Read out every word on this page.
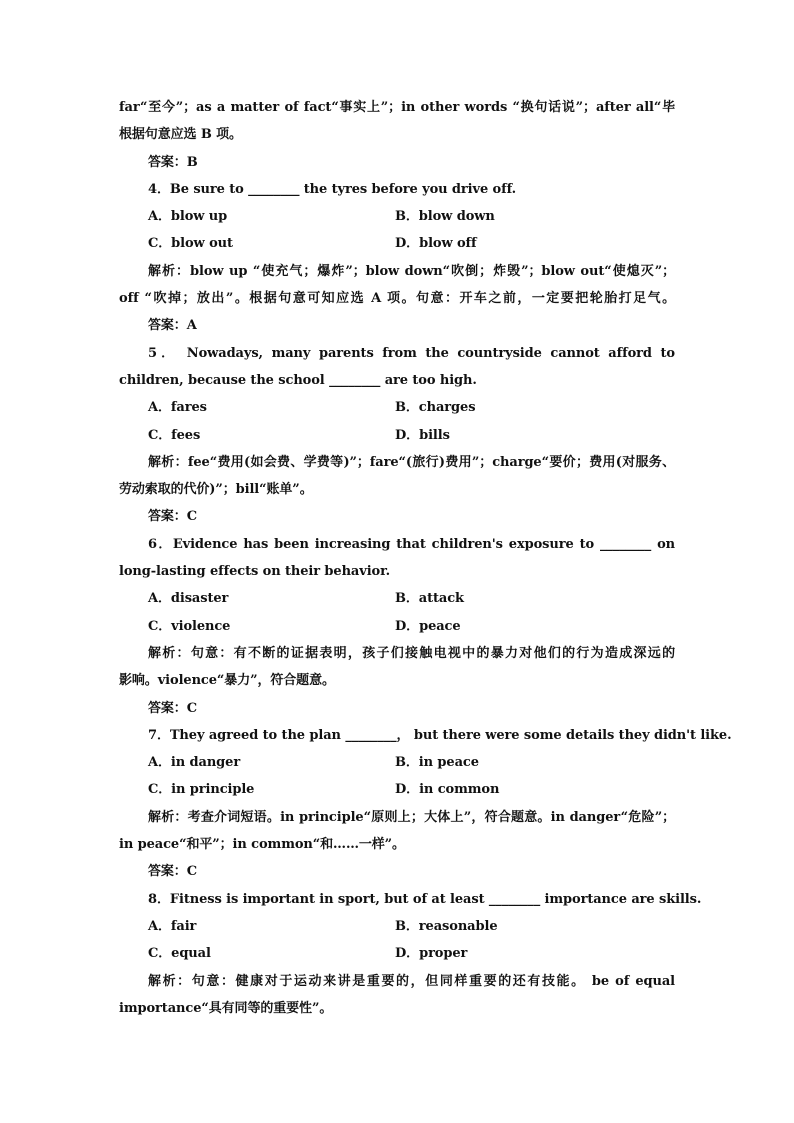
far“至今”；as a matter of fact“事实上”；in other words “换句话说”；after all“毕
根据句意应选 B 项。
答案：B
4．Be sure to ________ the tyres before you drive off.
A．blow up	B．blow down
C．blow out	D．blow off
解析：blow up “使充气；爆炸”；blow down“吹倒；炸毁”；blow out“使熄灭”；
off “吹掉；放出”。根据句意可知应选 A 项。句意：开车之前，一定要把轮胎打足气。
答案：A
5． Nowadays, many parents from the countryside cannot afford to
children, because the school ________ are too high.
A．fares	B．charges
C．fees	D．bills
解析：fee“费用(如会费、学费等)”；fare“(旅行)费用”；charge“要价；费用(对服务、
劳动索取的代价)”；bill“账单”。
答案：C
6．Evidence has been increasing that children's exposure to ________ on
long-lasting effects on their behavior.
A．disaster	B．attack
C．violence	D．peace
解析：句意：有不断的证据表明，孩子们接触电视中的暴力对他们的行为造成深远的
影响。violence“暴力”，符合题意。
答案：C
7．They agreed to the plan ________， but there were some details they didn't like.
A．in danger	B．in peace
C．in principle	D．in common
解析：考查介词短语。in principle“原则上；大体上”，符合题意。in danger“危险”；
in peace“和平”；in common“和……一样”。
答案：C
8．Fitness is important in sport, but of at least ________ importance are skills.
A．fair	B．reasonable
C．equal	D．proper
解析：句意：健康对于运动来讲是重要的，但同样重要的还有技能。 be of equal
importance“具有同等的重要性”。
